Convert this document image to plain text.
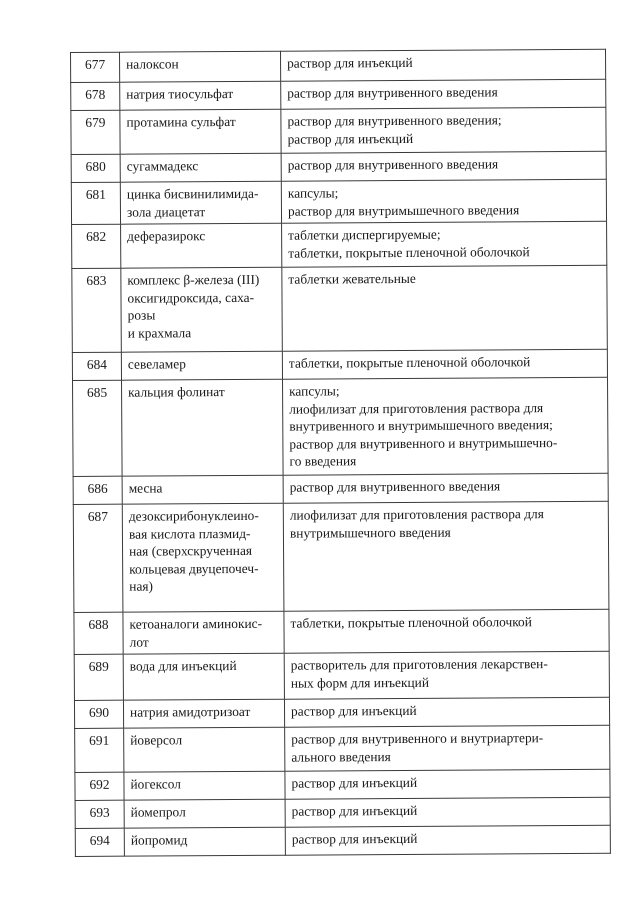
677	налоксон	раствор для инъекций

678	натрия тиосульфат	раствор для внутривенного введения

679	протамина сульфат	раствор для внутривенного введения;
раствор для инъекций

680	сугаммадекс	раствор для внутривенного введения

681	цинка бисвинилимида-
зола диацетат	капсулы;
раствор для внутримышечного введения

682	деферазирокс	таблетки диспергируемые;
таблетки, покрытые пленочной оболочкой

683	комплекс β-железа (III)
оксигидроксида, саха-
розы
и крахмала	таблетки жевательные

684	севеламер	таблетки, покрытые пленочной оболочкой

685	кальция фолинат	капсулы;
лиофилизат для приготовления раствора для
внутривенного и внутримышечного введения;
раствор для внутривенного и внутримышечно-
го введения

686	месна	раствор для внутривенного введения

687	дезоксирибонуклеино-
вая кислота плазмид-
ная (сверхскрученная
кольцевая двуцепочеч-
ная)	лиофилизат для приготовления раствора для
внутримышечного введения

688	кетоаналоги аминокис-
лот	таблетки, покрытые пленочной оболочкой

689	вода для инъекций	растворитель для приготовления лекарствен-
ных форм для инъекций

690	натрия амидотризоат	раствор для инъекций

691	йоверсол	раствор для внутривенного и внутриартери-
ального введения

692	йогексол	раствор для инъекций

693	йомепрол	раствор для инъекций

694	йопромид	раствор для инъекций
